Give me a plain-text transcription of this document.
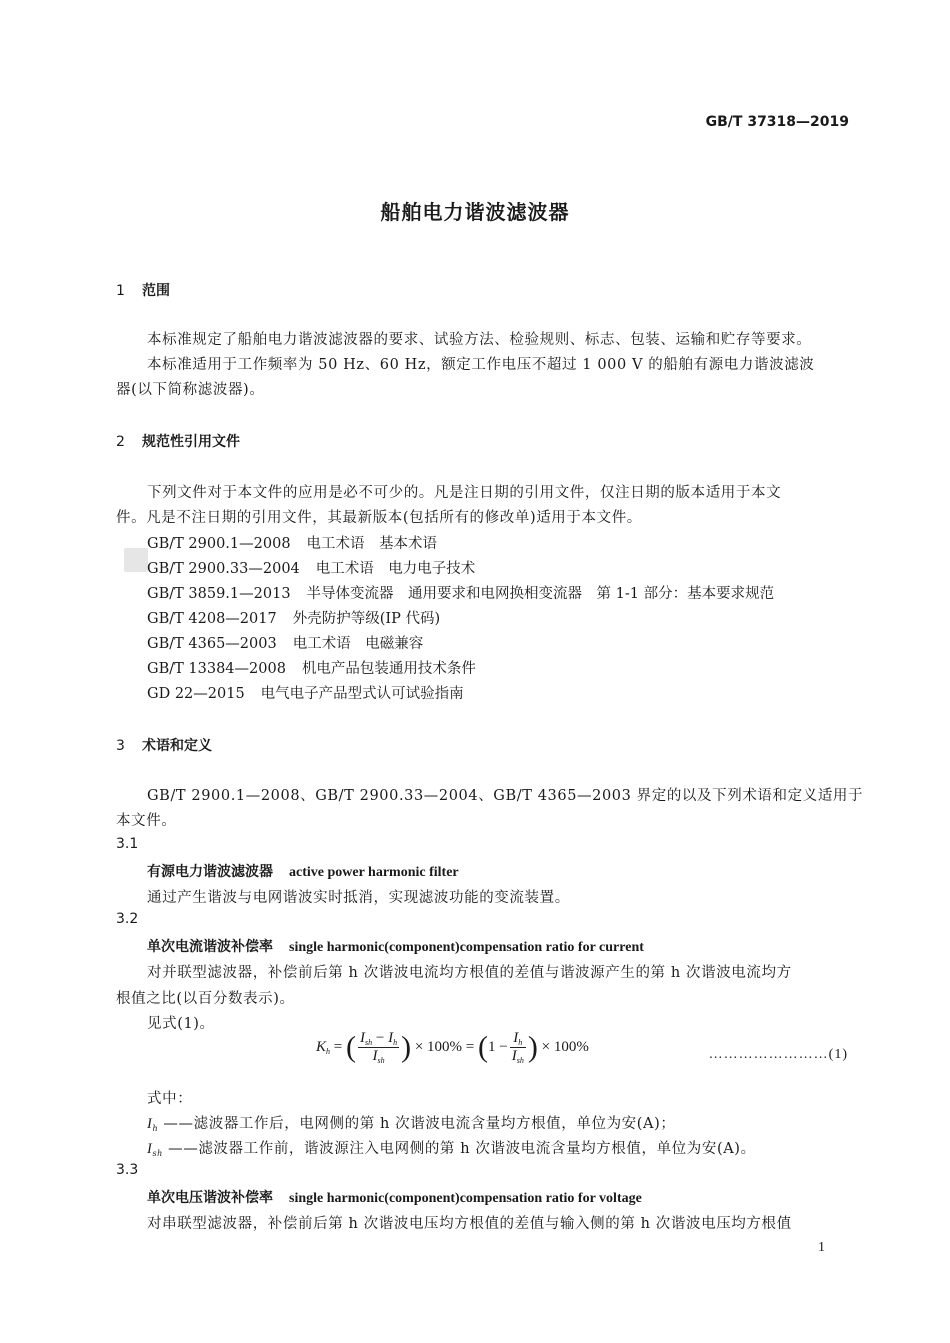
GB/T 37318—2019
船舶电力谐波滤波器
1 范围
本标准规定了船舶电力谐波滤波器的要求、试验方法、检验规则、标志、包装、运输和贮存等要求。
本标准适用于工作频率为 50 Hz、60 Hz，额定工作电压不超过 1 000 V 的船舶有源电力谐波滤波
器(以下简称滤波器)。
2 规范性引用文件
下列文件对于本文件的应用是必不可少的。凡是注日期的引用文件，仅注日期的版本适用于本文
件。凡是不注日期的引用文件，其最新版本(包括所有的修改单)适用于本文件。
GB/T 2900.1—2008 电工术语　基本术语
GB/T 2900.33—2004 电工术语　电力电子技术
GB/T 3859.1—2013 半导体变流器　通用要求和电网换相变流器　第 1-1 部分：基本要求规范
GB/T 4208—2017 外壳防护等级(IP 代码)
GB/T 4365—2003 电工术语　电磁兼容
GB/T 13384—2008 机电产品包装通用技术条件
GD 22—2015 电气电子产品型式认可试验指南
3 术语和定义
GB/T 2900.1—2008、GB/T 2900.33—2004、GB/T 4365—2003 界定的以及下列术语和定义适用于
本文件。
3.1
有源电力谐波滤波器 active power harmonic filter
通过产生谐波与电网谐波实时抵消，实现滤波功能的变流装置。
3.2
单次电流谐波补偿率 single harmonic(component)compensation ratio for current
对并联型滤波器，补偿前后第 h 次谐波电流均方根值的差值与谐波源产生的第 h 次谐波电流均方
根值之比(以百分数表示)。
见式(1)。
$K_h$ = ( $\frac{I_{sh} - I_h}{I_{sh}}$ ) × $100\% = (1 - \frac{I_h}{I_{sh}}$ ) × 100%	……………………(1)
式中：
$I_h$ ——滤波器工作后，电网侧的第 h 次谐波电流含量均方根值，单位为安(A)；
$I_{sh}$ ——滤波器工作前，谐波源注入电网侧的第 h 次谐波电流含量均方根值，单位为安(A)。
3.3
单次电压谐波补偿率 single harmonic(component)compensation ratio for voltage
对串联型滤波器，补偿前后第 h 次谐波电压均方根值的差值与输入侧的第 h 次谐波电压均方根值
1
